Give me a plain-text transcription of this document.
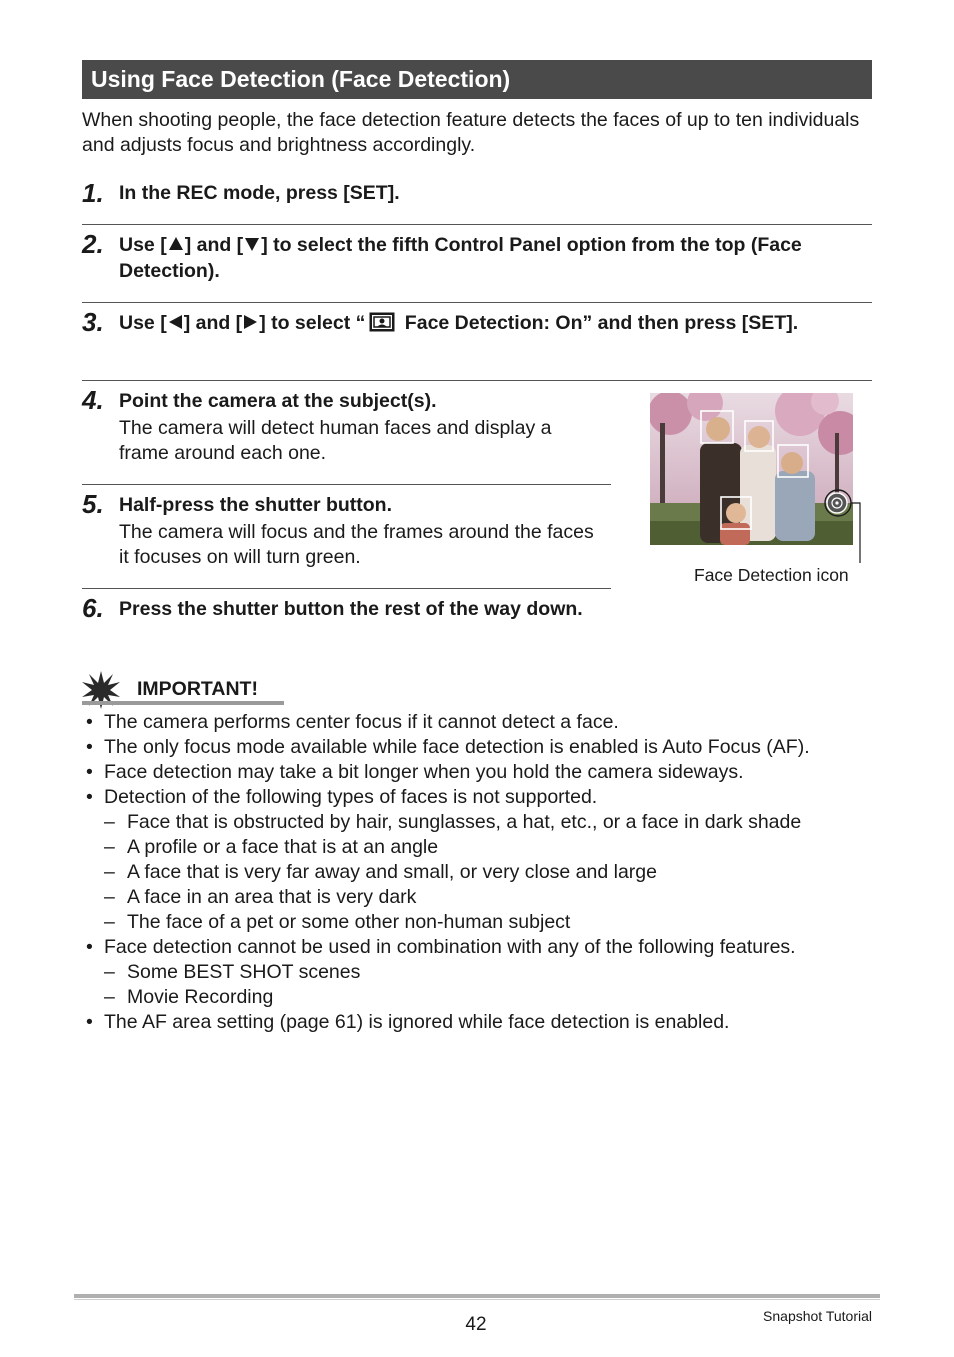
Using Face Detection (Face Detection)
When shooting people, the face detection feature detects the faces of up to ten individuals and adjusts focus and brightness accordingly.
1. In the REC mode, press [SET].
2. Use [ ] and [ ] to select the fifth Control Panel option from the top (Face Detection).
3. Use [ ] and [ ] to select “ Face Detection: On” and then press [SET].
4. Point the camera at the subject(s).
The camera will detect human faces and display a frame around each one.
5. Half-press the shutter button.
The camera will focus and the frames around the faces it focuses on will turn green.
6. Press the shutter button the rest of the way down.
Face Detection icon
IMPORTANT!
• The camera performs center focus if it cannot detect a face.
• The only focus mode available while face detection is enabled is Auto Focus (AF).
• Face detection may take a bit longer when you hold the camera sideways.
• Detection of the following types of faces is not supported.
– Face that is obstructed by hair, sunglasses, a hat, etc., or a face in dark shade
– A profile or a face that is at an angle
– A face that is very far away and small, or very close and large
– A face in an area that is very dark
– The face of a pet or some other non-human subject
• Face detection cannot be used in combination with any of the following features.
– Some BEST SHOT scenes
– Movie Recording
• The AF area setting (page 61) is ignored while face detection is enabled.
42	Snapshot Tutorial
